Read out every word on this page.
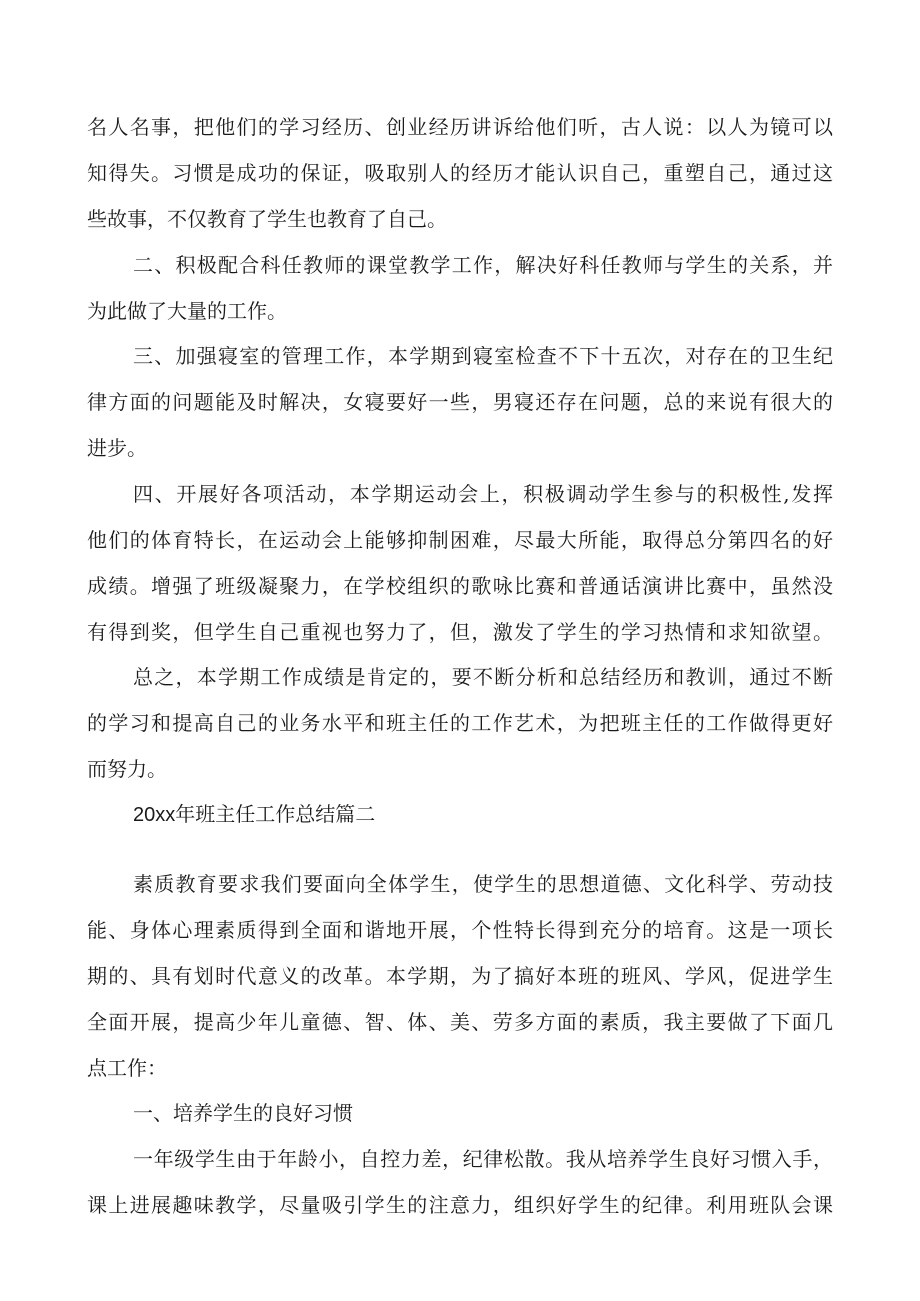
名人名事，把他们的学习经历、创业经历讲诉给他们听，古人说：以人为镜可以
知得失。习惯是成功的保证，吸取别人的经历才能认识自己，重塑自己，通过这
些故事，不仅教育了学生也教育了自己。
二、积极配合科任教师的课堂教学工作，解决好科任教师与学生的关系，并
为此做了大量的工作。
三、加强寝室的管理工作，本学期到寝室检查不下十五次，对存在的卫生纪
律方面的问题能及时解决，女寝要好一些，男寝还存在问题，总的来说有很大的
进步。
四、开展好各项活动，本学期运动会上，积极调动学生参与的积极性,发挥
他们的体育特长，在运动会上能够抑制困难，尽最大所能，取得总分第四名的好
成绩。增强了班级凝聚力，在学校组织的歌咏比赛和普通话演讲比赛中，虽然没
有得到奖，但学生自己重视也努力了，但，激发了学生的学习热情和求知欲望。
总之，本学期工作成绩是肯定的，要不断分析和总结经历和教训，通过不断
的学习和提高自己的业务水平和班主任的工作艺术，为把班主任的工作做得更好
而努力。
20xx年班主任工作总结篇二
素质教育要求我们要面向全体学生，使学生的思想道德、文化科学、劳动技
能、身体心理素质得到全面和谐地开展，个性特长得到充分的培育。这是一项长
期的、具有划时代意义的改革。本学期，为了搞好本班的班风、学风，促进学生
全面开展，提高少年儿童德、智、体、美、劳多方面的素质，我主要做了下面几
点工作：
一、培养学生的良好习惯
一年级学生由于年龄小，自控力差，纪律松散。我从培养学生良好习惯入手，
课上进展趣味教学，尽量吸引学生的注意力，组织好学生的纪律。利用班队会课
